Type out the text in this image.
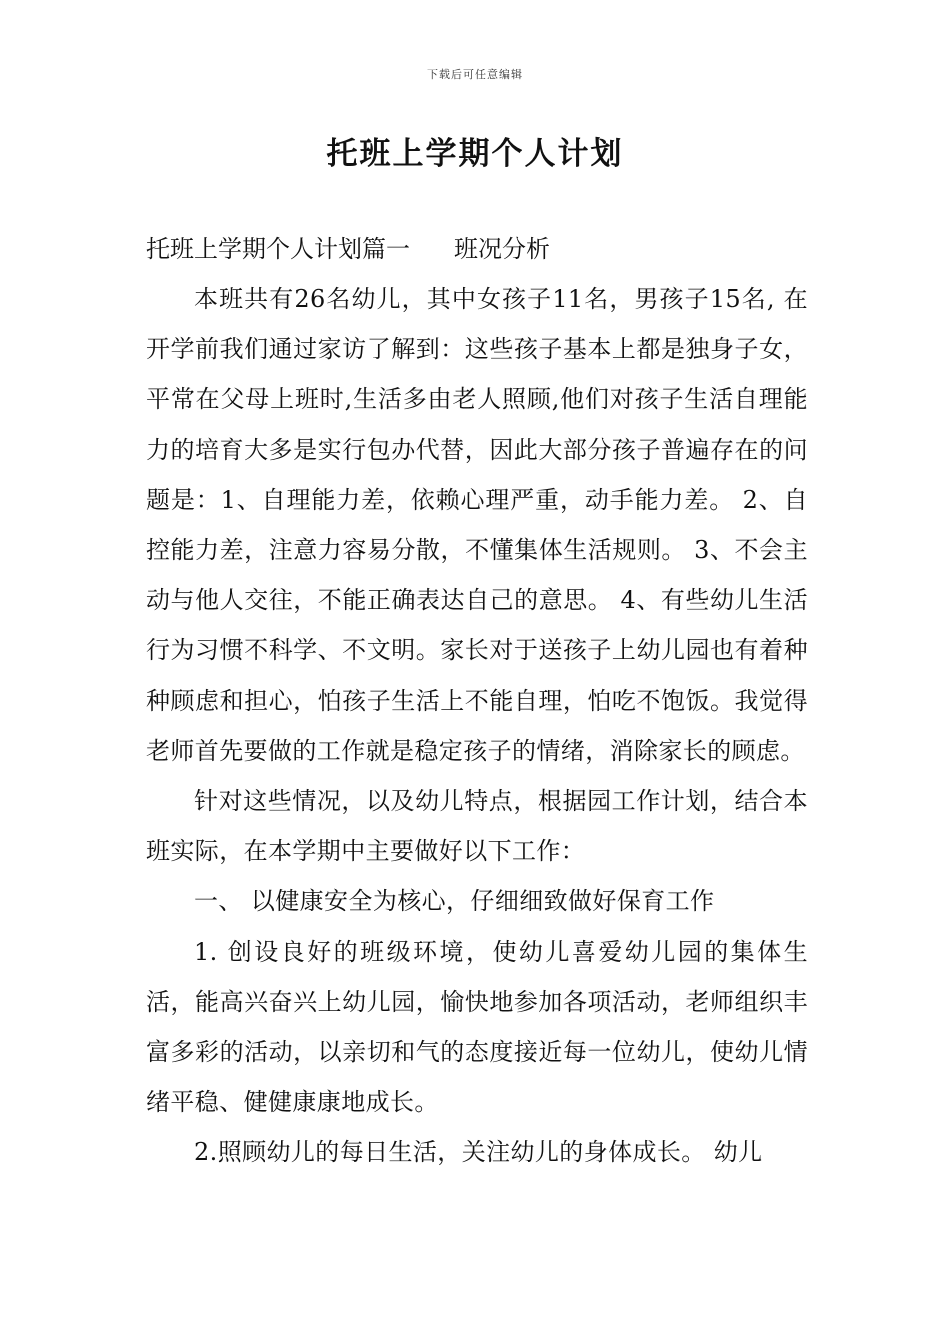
下载后可任意编辑
托班上学期个人计划

托班上学期个人计划篇一 班况分析

本班共有26名幼儿，其中女孩子11名，男孩子15名, 在开学前我们通过家访了解到：这些孩子基本上都是独身子女，平常在父母上班时,生活多由老人照顾,他们对孩子生活自理能力的培育大多是实行包办代替，因此大部分孩子普遍存在的问题是：1、自理能力差，依赖心理严重，动手能力差。 2、自控能力差，注意力容易分散，不懂集体生活规则。 3、不会主动与他人交往，不能正确表达自己的意思。 4、有些幼儿生活行为习惯不科学、不文明。家长对于送孩子上幼儿园也有着种种顾虑和担心，怕孩子生活上不能自理，怕吃不饱饭。我觉得老师首先要做的工作就是稳定孩子的情绪，消除家长的顾虑。

针对这些情况，以及幼儿特点，根据园工作计划，结合本班实际，在本学期中主要做好以下工作：

一、 以健康安全为核心，仔细细致做好保育工作

1. 创设良好的班级环境，使幼儿喜爱幼儿园的集体生活，能高兴奋兴上幼儿园，愉快地参加各项活动，老师组织丰富多彩的活动，以亲切和气的态度接近每一位幼儿，使幼儿情绪平稳、健健康康地成长。

2.照顾幼儿的每日生活，关注幼儿的身体成长。 幼儿
